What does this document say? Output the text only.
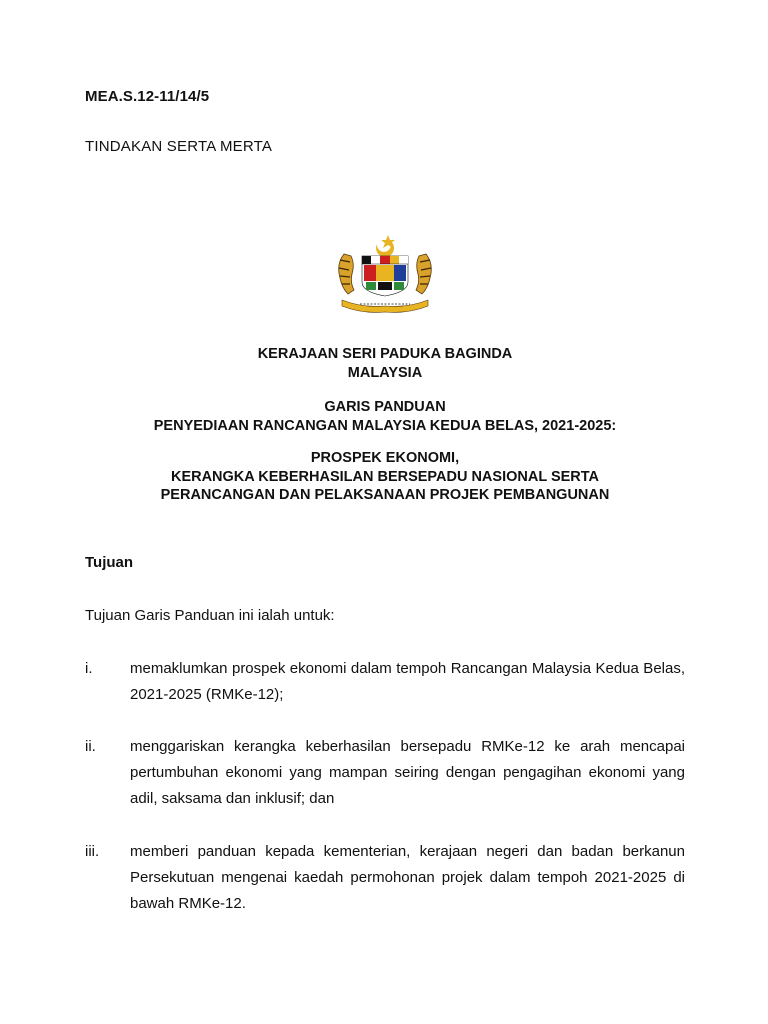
MEA.S.12-11/14/5
TINDAKAN SERTA MERTA
KERAJAAN SERI PADUKA BAGINDA
MALAYSIA
GARIS PANDUAN
PENYEDIAAN RANCANGAN MALAYSIA KEDUA BELAS, 2021-2025:
PROSPEK EKONOMI,
KERANGKA KEBERHASILAN BERSEPADU NASIONAL SERTA
PERANCANGAN DAN PELAKSANAAN PROJEK PEMBANGUNAN
Tujuan
Tujuan Garis Panduan ini ialah untuk:
i.	memaklumkan prospek ekonomi dalam tempoh Rancangan Malaysia Kedua Belas, 2021-2025 (RMKe-12);
ii. menggariskan kerangka keberhasilan bersepadu RMKe-12 ke arah mencapai pertumbuhan ekonomi yang mampan seiring dengan pengagihan ekonomi yang adil, saksama dan inklusif; dan
iii. memberi panduan kepada kementerian, kerajaan negeri dan badan berkanun Persekutuan mengenai kaedah permohonan projek dalam tempoh 2021-2025 di bawah RMKe-12.
